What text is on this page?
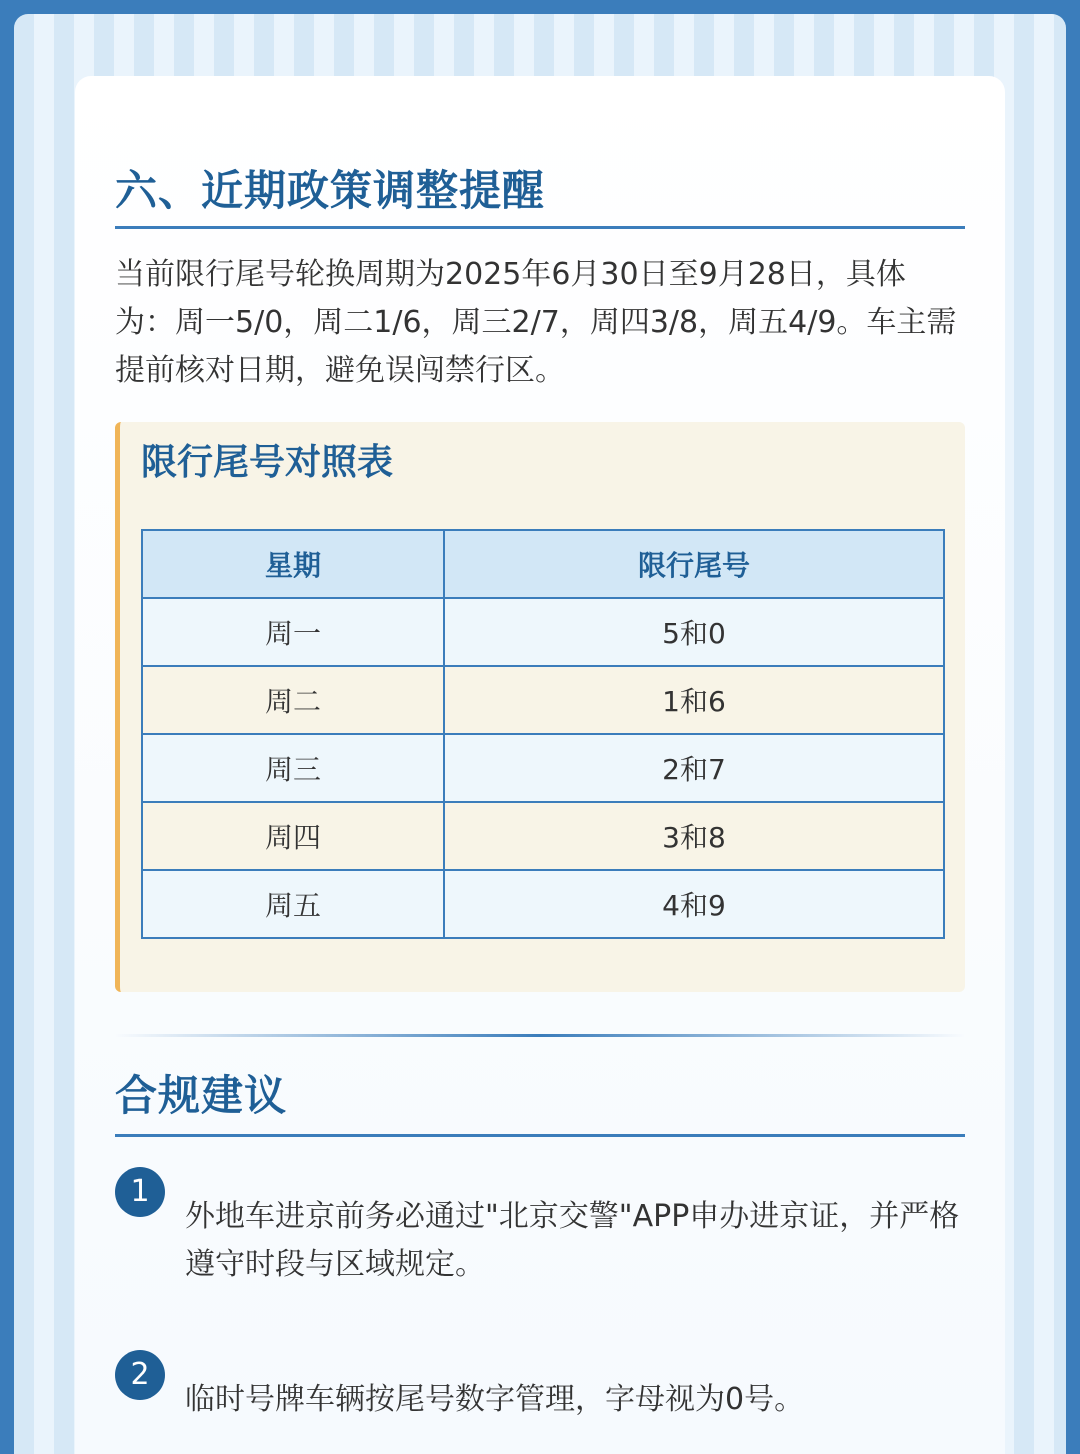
六、近期政策调整提醒

当前限行尾号轮换周期为2025年6月30日至9月28日，具体为：周一5/0，周二1/6，周三2/7，周四3/8，周五4/9。车主需提前核对日期，避免误闯禁行区。

限行尾号对照表
星期	限行尾号
周一	5和0
周二	1和6
周三	2和7
周四	3和8
周五	4和9
合规建议
1

外地车进京前务必通过"北京交警"APP申办进京证，并严格遵守时段与区域规定。

2

临时号牌车辆按尾号数字管理，字母视为0号。
